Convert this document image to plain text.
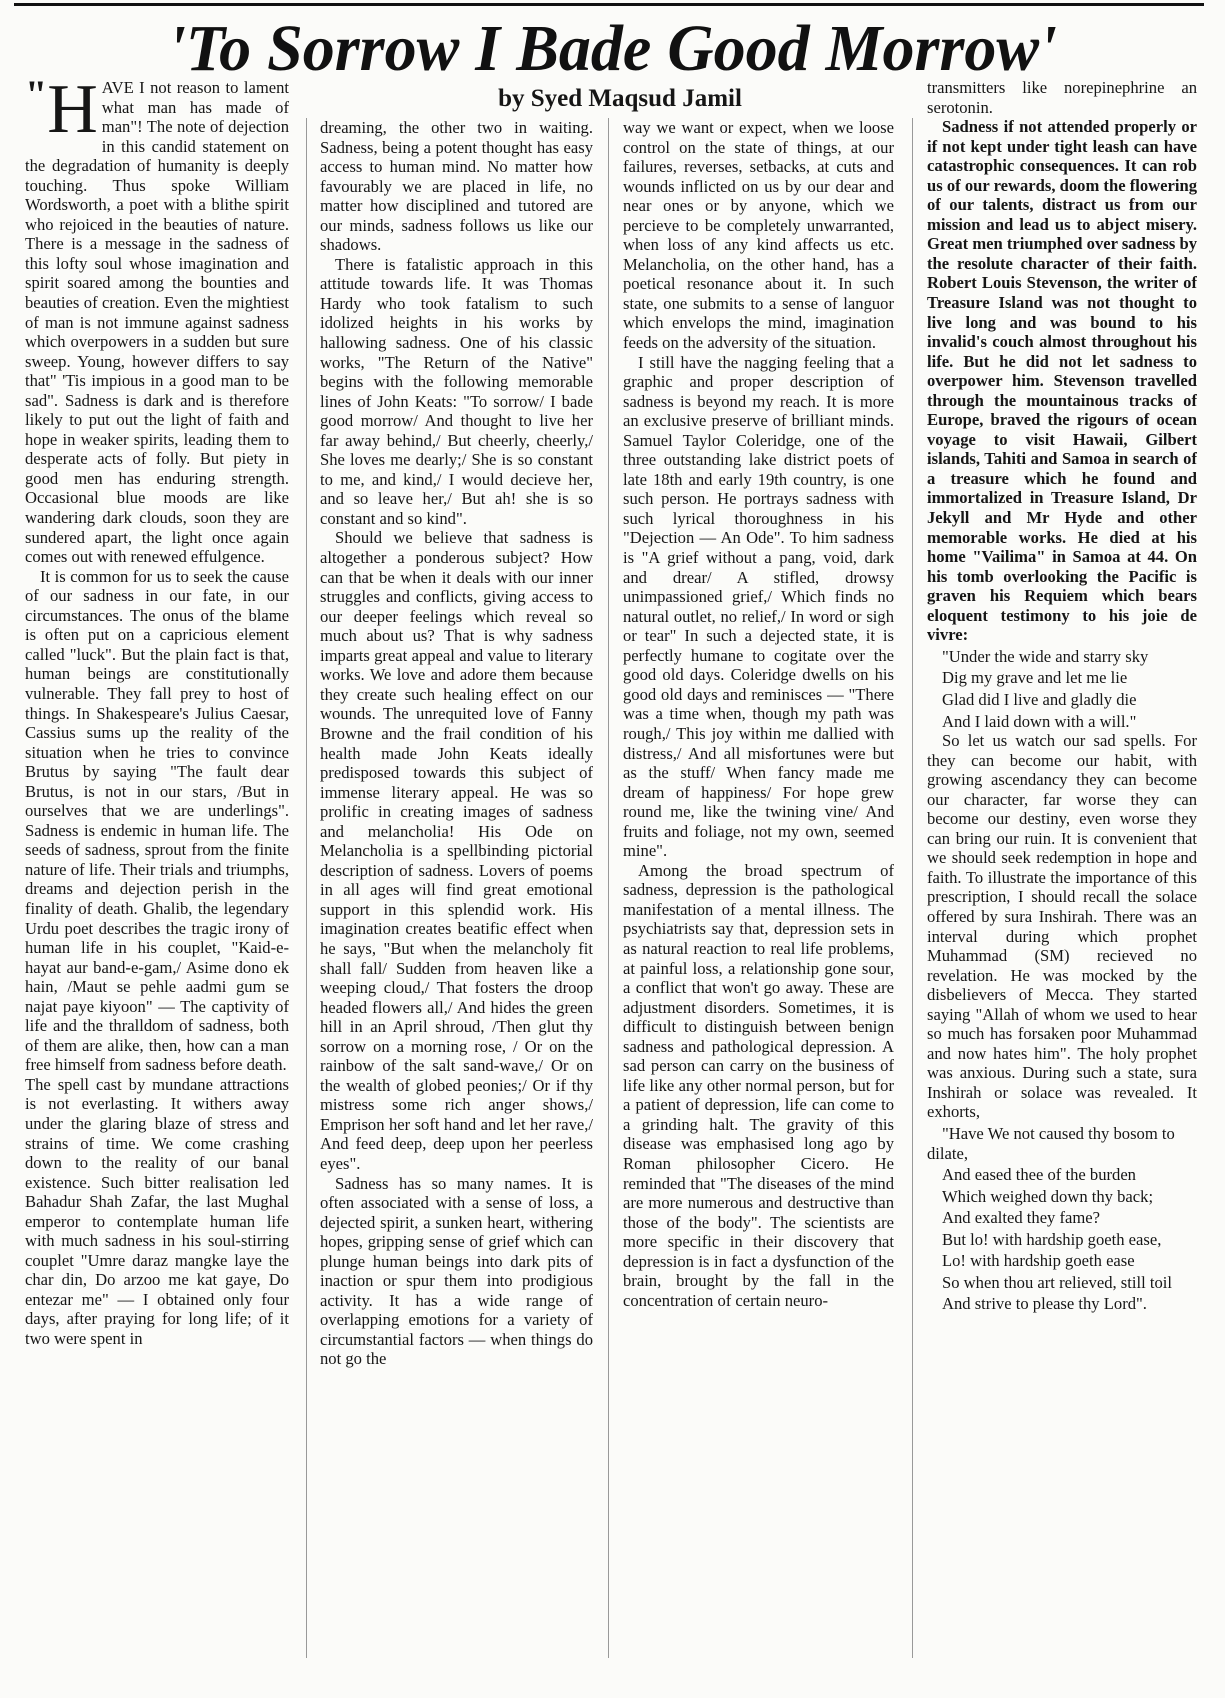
'To Sorrow I Bade Good Morrow'
by Syed Maqsud Jamil

" H AVE I not reason to lament what man has made of man"! The note of dejection in this candid statement on the degradation of humanity is deeply touching. Thus spoke William Wordsworth, a poet with a blithe spirit who rejoiced in the beauties of nature. There is a message in the sadness of this lofty soul whose imagination and spirit soared among the bounties and beauties of creation. Even the mightiest of man is not immune against sadness which overpowers in a sudden but sure sweep. Young, however differs to say that" 'Tis impious in a good man to be sad". Sadness is dark and is therefore likely to put out the light of faith and hope in weaker spirits, leading them to desperate acts of folly. But piety in good men has enduring strength. Occasional blue moods are like wandering dark clouds, soon they are sundered apart, the light once again comes out with renewed effulgence.

It is common for us to seek the cause of our sadness in our fate, in our circumstances. The onus of the blame is often put on a capricious element called "luck". But the plain fact is that, human beings are constitutionally vulnerable. They fall prey to host of things. In Shakespeare's Julius Caesar, Cassius sums up the reality of the situation when he tries to convince Brutus by saying "The fault dear Brutus, is not in our stars, /But in ourselves that we are underlings". Sadness is endemic in human life. The seeds of sadness, sprout from the finite nature of life. Their trials and triumphs, dreams and dejection perish in the finality of death. Ghalib, the legendary Urdu poet describes the tragic irony of human life in his couplet, "Kaid-e-hayat aur band-e-gam,/ Asime dono ek hain, /Maut se pehle aadmi gum se najat paye kiyoon" — The captivity of life and the thralldom of sadness, both of them are alike, then, how can a man free himself from sadness before death.

The spell cast by mundane attractions is not everlasting. It withers away under the glaring blaze of stress and strains of time. We come crashing down to the reality of our banal existence. Such bitter realisation led Bahadur Shah Zafar, the last Mughal emperor to contemplate human life with much sadness in his soul-stirring couplet "Umre daraz mangke laye the char din, Do arzoo me kat gaye, Do entezar me" — I obtained only four days, after praying for long life; of it two were spent in

dreaming, the other two in waiting. Sadness, being a potent thought has easy access to human mind. No matter how favourably we are placed in life, no matter how disciplined and tutored are our minds, sadness follows us like our shadows.

There is fatalistic approach in this attitude towards life. It was Thomas Hardy who took fatalism to such idolized heights in his works by hallowing sadness. One of his classic works, "The Return of the Native" begins with the following memorable lines of John Keats: "To sorrow/ I bade good morrow/ And thought to live her far away behind,/ But cheerly, cheerly,/ She loves me dearly;/ She is so constant to me, and kind,/ I would decieve her, and so leave her,/ But ah! she is so constant and so kind".

Should we believe that sadness is altogether a ponderous subject? How can that be when it deals with our inner struggles and conflicts, giving access to our deeper feelings which reveal so much about us? That is why sadness imparts great appeal and value to literary works. We love and adore them because they create such healing effect on our wounds. The unrequited love of Fanny Browne and the frail condition of his health made John Keats ideally predisposed towards this subject of immense literary appeal. He was so prolific in creating images of sadness and melancholia! His Ode on Melancholia is a spellbinding pictorial description of sadness. Lovers of poems in all ages will find great emotional support in this splendid work. His imagination creates beatific effect when he says, "But when the melancholy fit shall fall/ Sudden from heaven like a weeping cloud,/ That fosters the droop headed flowers all,/ And hides the green hill in an April shroud, /Then glut thy sorrow on a morning rose, / Or on the rainbow of the salt sand-wave,/ Or on the wealth of globed peonies;/ Or if thy mistress some rich anger shows,/ Emprison her soft hand and let her rave,/ And feed deep, deep upon her peerless eyes".

Sadness has so many names. It is often associated with a sense of loss, a dejected spirit, a sunken heart, withering hopes, gripping sense of grief which can plunge human beings into dark pits of inaction or spur them into prodigious activity. It has a wide range of overlapping emotions for a variety of circumstantial factors — when things do not go the

way we want or expect, when we loose control on the state of things, at our failures, reverses, setbacks, at cuts and wounds inflicted on us by our dear and near ones or by anyone, which we percieve to be completely unwarranted, when loss of any kind affects us etc. Melancholia, on the other hand, has a poetical resonance about it. In such state, one submits to a sense of languor which envelops the mind, imagination feeds on the adversity of the situation.

I still have the nagging feeling that a graphic and proper description of sadness is beyond my reach. It is more an exclusive preserve of brilliant minds. Samuel Taylor Coleridge, one of the three outstanding lake district poets of late 18th and early 19th country, is one such person. He portrays sadness with such lyrical thoroughness in his "Dejection — An Ode". To him sadness is "A grief without a pang, void, dark and drear/ A stifled, drowsy unimpassioned grief,/ Which finds no natural outlet, no relief,/ In word or sigh or tear" In such a dejected state, it is perfectly humane to cogitate over the good old days. Coleridge dwells on his good old days and reminisces — "There was a time when, though my path was rough,/ This joy within me dallied with distress,/ And all misfortunes were but as the stuff/ When fancy made me dream of happiness/ For hope grew round me, like the twining vine/ And fruits and foliage, not my own, seemed mine".

Among the broad spectrum of sadness, depression is the pathological manifestation of a mental illness. The psychiatrists say that, depression sets in as natural reaction to real life problems, at painful loss, a relationship gone sour, a conflict that won't go away. These are adjustment disorders. Sometimes, it is difficult to distinguish between benign sadness and pathological depression. A sad person can carry on the business of life like any other normal person, but for a patient of depression, life can come to a grinding halt. The gravity of this disease was emphasised long ago by Roman philosopher Cicero. He reminded that "The diseases of the mind are more numerous and destructive than those of the body". The scientists are more specific in their discovery that depression is in fact a dysfunction of the brain, brought by the fall in the concentration of certain neuro-

transmitters like norepinephrine an serotonin.

Sadness if not attended properly or if not kept under tight leash can have catastrophic consequences. It can rob us of our rewards, doom the flowering of our talents, distract us from our mission and lead us to abject misery. Great men triumphed over sadness by the resolute character of their faith. Robert Louis Stevenson, the writer of Treasure Island was not thought to live long and was bound to his invalid's couch almost throughout his life. But he did not let sadness to overpower him. Stevenson travelled through the mountainous tracks of Europe, braved the rigours of ocean voyage to visit Hawaii, Gilbert islands, Tahiti and Samoa in search of a treasure which he found and immortalized in Treasure Island, Dr Jekyll and Mr Hyde and other memorable works. He died at his home "Vailima" in Samoa at 44. On his tomb overlooking the Pacific is graven his Requiem which bears eloquent testimony to his joie de vivre:

"Under the wide and starry sky

Dig my grave and let me lie

Glad did I live and gladly die

And I laid down with a will."

So let us watch our sad spells. For they can become our habit, with growing ascendancy they can become our character, far worse they can become our destiny, even worse they can bring our ruin. It is convenient that we should seek redemption in hope and faith. To illustrate the importance of this prescription, I should recall the solace offered by sura Inshirah. There was an interval during which prophet Muhammad (SM) recieved no revelation. He was mocked by the disbelievers of Mecca. They started saying "Allah of whom we used to hear so much has forsaken poor Muhammad and now hates him". The holy prophet was anxious. During such a state, sura Inshirah or solace was revealed. It exhorts,

"Have We not caused thy bosom to dilate,

And eased thee of the burden

Which weighed down thy back;

And exalted they fame?

But lo! with hardship goeth ease,

Lo! with hardship goeth ease

So when thou art relieved, still toil

And strive to please thy Lord".
